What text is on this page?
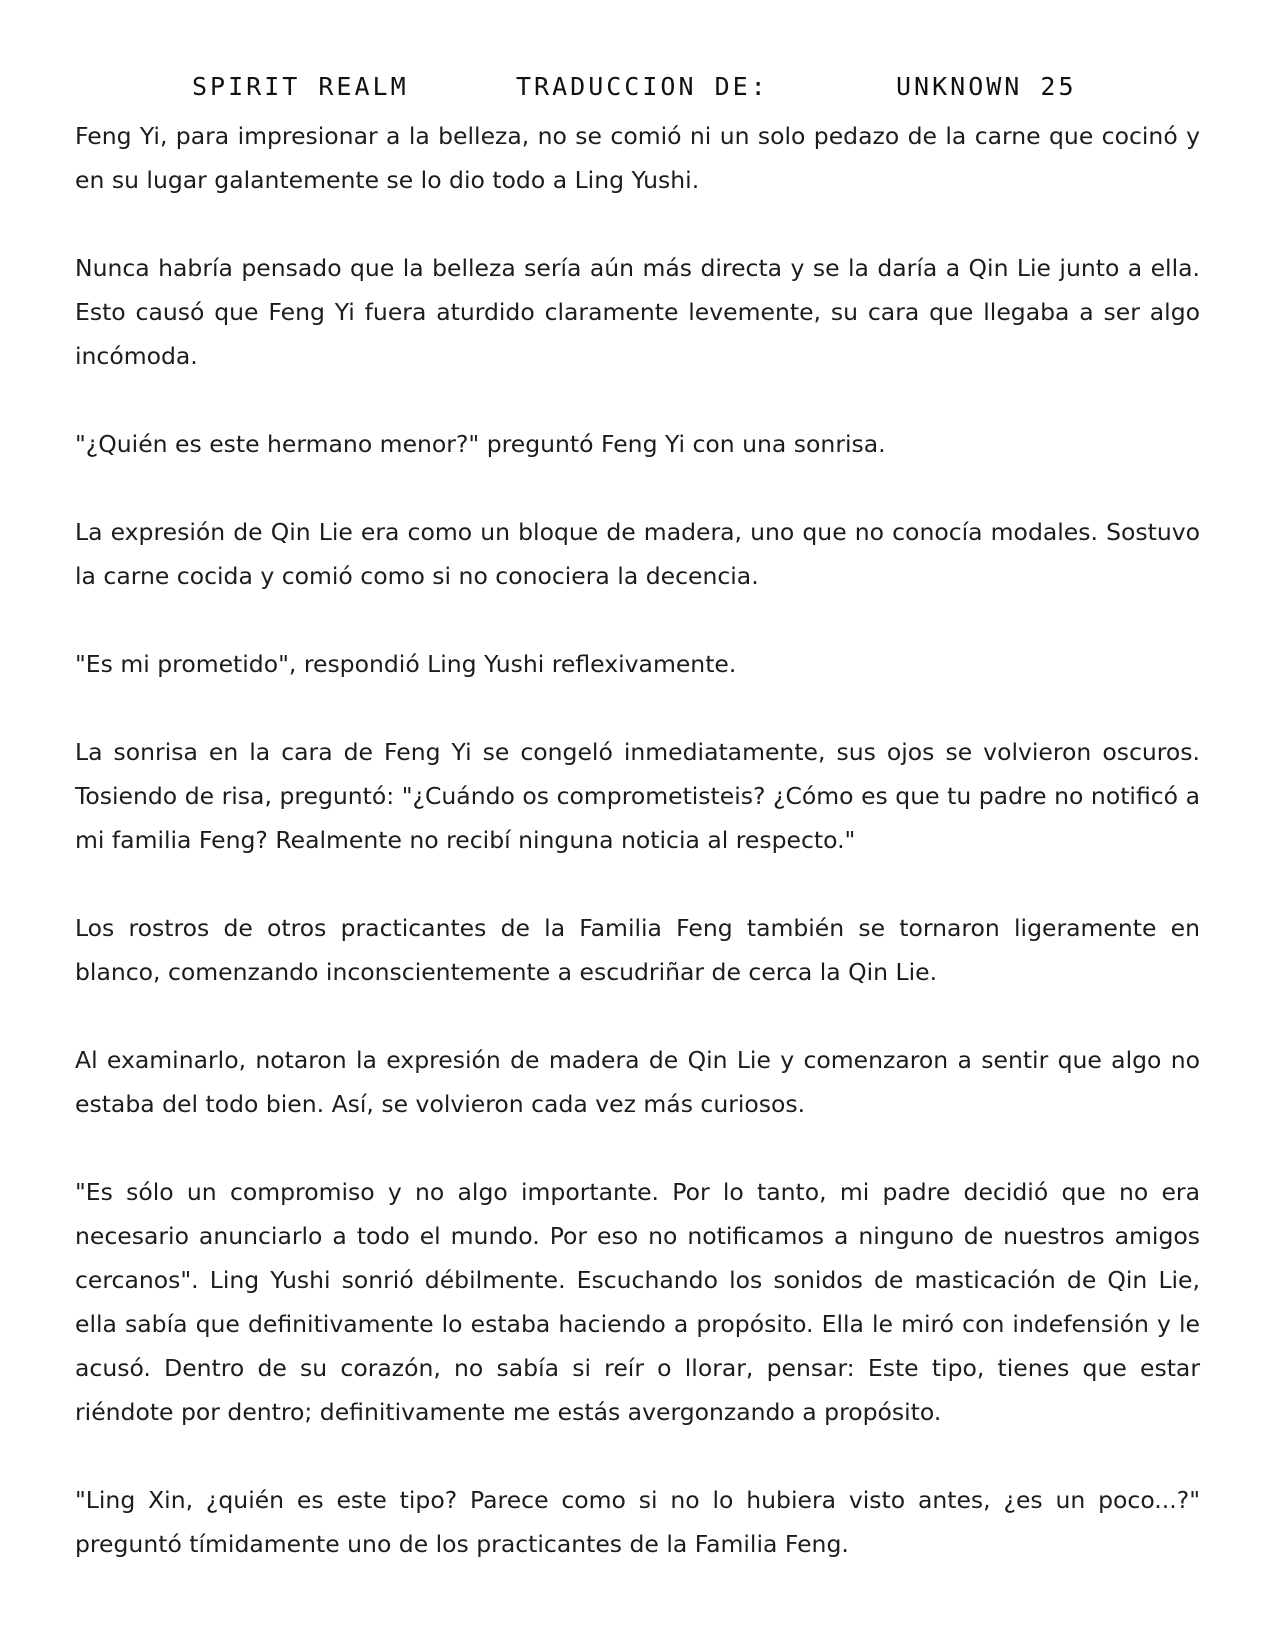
SPIRIT REALM	TRADUCCION DE:	UNKNOWN 25

Feng Yi, para impresionar a la belleza, no se comió ni un solo pedazo de la carne que cocinó y en su lugar galantemente se lo dio todo a Ling Yushi.

Nunca habría pensado que la belleza sería aún más directa y se la daría a Qin Lie junto a ella. Esto causó que Feng Yi fuera aturdido claramente levemente, su cara que llegaba a ser algo incómoda.

"¿Quién es este hermano menor?" preguntó Feng Yi con una sonrisa.

La expresión de Qin Lie era como un bloque de madera, uno que no conocía modales. Sostuvo la carne cocida y comió como si no conociera la decencia.

"Es mi prometido", respondió Ling Yushi reflexivamente.

La sonrisa en la cara de Feng Yi se congeló inmediatamente, sus ojos se volvieron oscuros. Tosiendo de risa, preguntó: "¿Cuándo os comprometisteis? ¿Cómo es que tu padre no notificó a mi familia Feng? Realmente no recibí ninguna noticia al respecto."

Los rostros de otros practicantes de la Familia Feng también se tornaron ligeramente en blanco, comenzando inconscientemente a escudriñar de cerca la Qin Lie.

Al examinarlo, notaron la expresión de madera de Qin Lie y comenzaron a sentir que algo no estaba del todo bien. Así, se volvieron cada vez más curiosos.

"Es sólo un compromiso y no algo importante. Por lo tanto, mi padre decidió que no era necesario anunciarlo a todo el mundo. Por eso no notificamos a ninguno de nuestros amigos cercanos". Ling Yushi sonrió débilmente. Escuchando los sonidos de masticación de Qin Lie, ella sabía que definitivamente lo estaba haciendo a propósito. Ella le miró con indefensión y le acusó. Dentro de su corazón, no sabía si reír o llorar, pensar: Este tipo, tienes que estar riéndote por dentro; definitivamente me estás avergonzando a propósito.

"Ling Xin, ¿quién es este tipo? Parece como si no lo hubiera visto antes, ¿es un poco...?" preguntó tímidamente uno de los practicantes de la Familia Feng.
